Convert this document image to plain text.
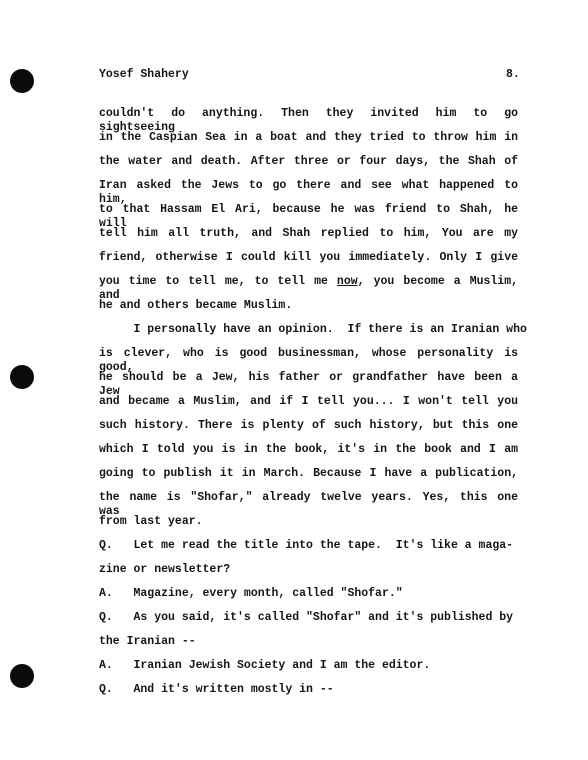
Yosef Shahery	8.
couldn't do anything. Then they invited him to go sightseeing
in the Caspian Sea in a boat and they tried to throw him in
the water and death. After three or four days, the Shah of
Iran asked the Jews to go there and see what happened to him,
to that Hassam El Ari, because he was friend to Shah, he will
tell him all truth, and Shah replied to him, You are my
friend, otherwise I could kill you immediately. Only I give
you time to tell me, to tell me now, you become a Muslim, and
he and others became Muslim.
I personally have an opinion.  If there is an Iranian who
is clever, who is good businessman, whose personality is good,
he should be a Jew, his father or grandfather have been a Jew
and became a Muslim, and if I tell you... I won't tell you
such history. There is plenty of such history, but this one
which I told you is in the book, it's in the book and I am
going to publish it in March. Because I have a publication,
the name is "Shofar," already twelve years. Yes, this one was
from last year.
Q.   Let me read the title into the tape.  It's like a maga-
zine or newsletter?
A.   Magazine, every month, called "Shofar."
Q.   As you said, it's called "Shofar" and it's published by
the Iranian --
A.   Iranian Jewish Society and I am the editor.
Q.   And it's written mostly in --
